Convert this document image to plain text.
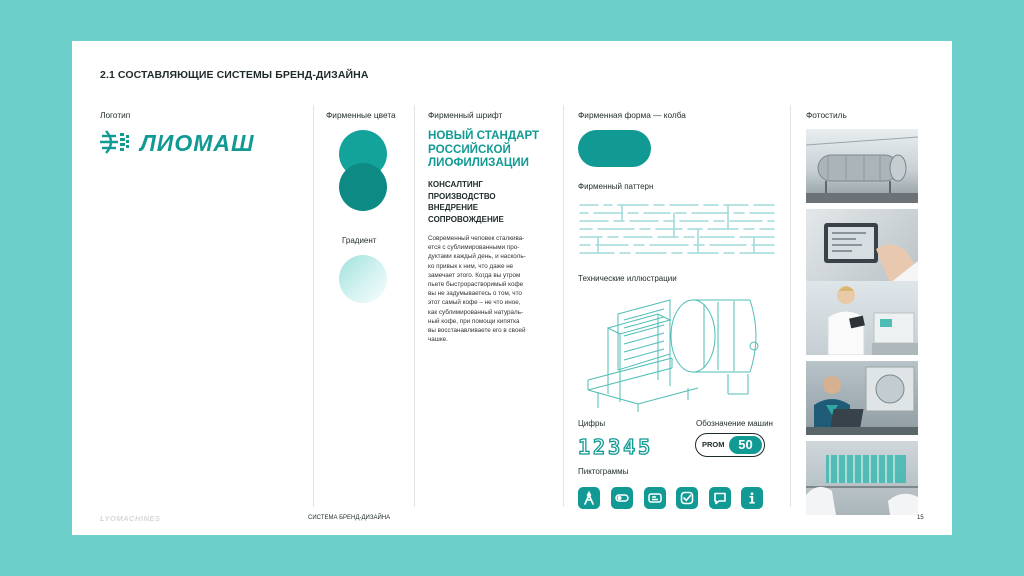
2.1 СОСТАВЛЯЮЩИЕ СИСТЕМЫ БРЕНД-ДИЗАЙНА
Логотип
ЛИОМАШ
Фирменные цвета
Градиент
Фирменный шрифт
НОВЫЙ СТАНДАРТ
РОССИЙСКОЙ
ЛИОФИЛИЗАЦИИ
КОНСАЛТИНГ
ПРОИЗВОДСТВО
ВНЕДРЕНИЕ
СОПРОВОЖДЕНИЕ
Современный человек сталкива-
ется с сублимированными про-
дуктами каждый день, и насколь-
ко привык к ним, что даже не
замечает этого. Когда вы утром
пьете быстрорастворимый кофе
вы не задумываетесь о том, что
этот самый кофе – не что иное,
как сублимированный натураль-
ный кофе, при помощи кипятка
вы восстанавливаете его в своей
чашке.
Фирменная форма — колба
Фирменный паттерн
Технические иллюстрации
Цифры
12345
Обозначение машин
PROM	50
Пиктограммы
Фотостиль
LYOMACHINES	СИСТЕМА БРЕНД-ДИЗАЙНА	15
